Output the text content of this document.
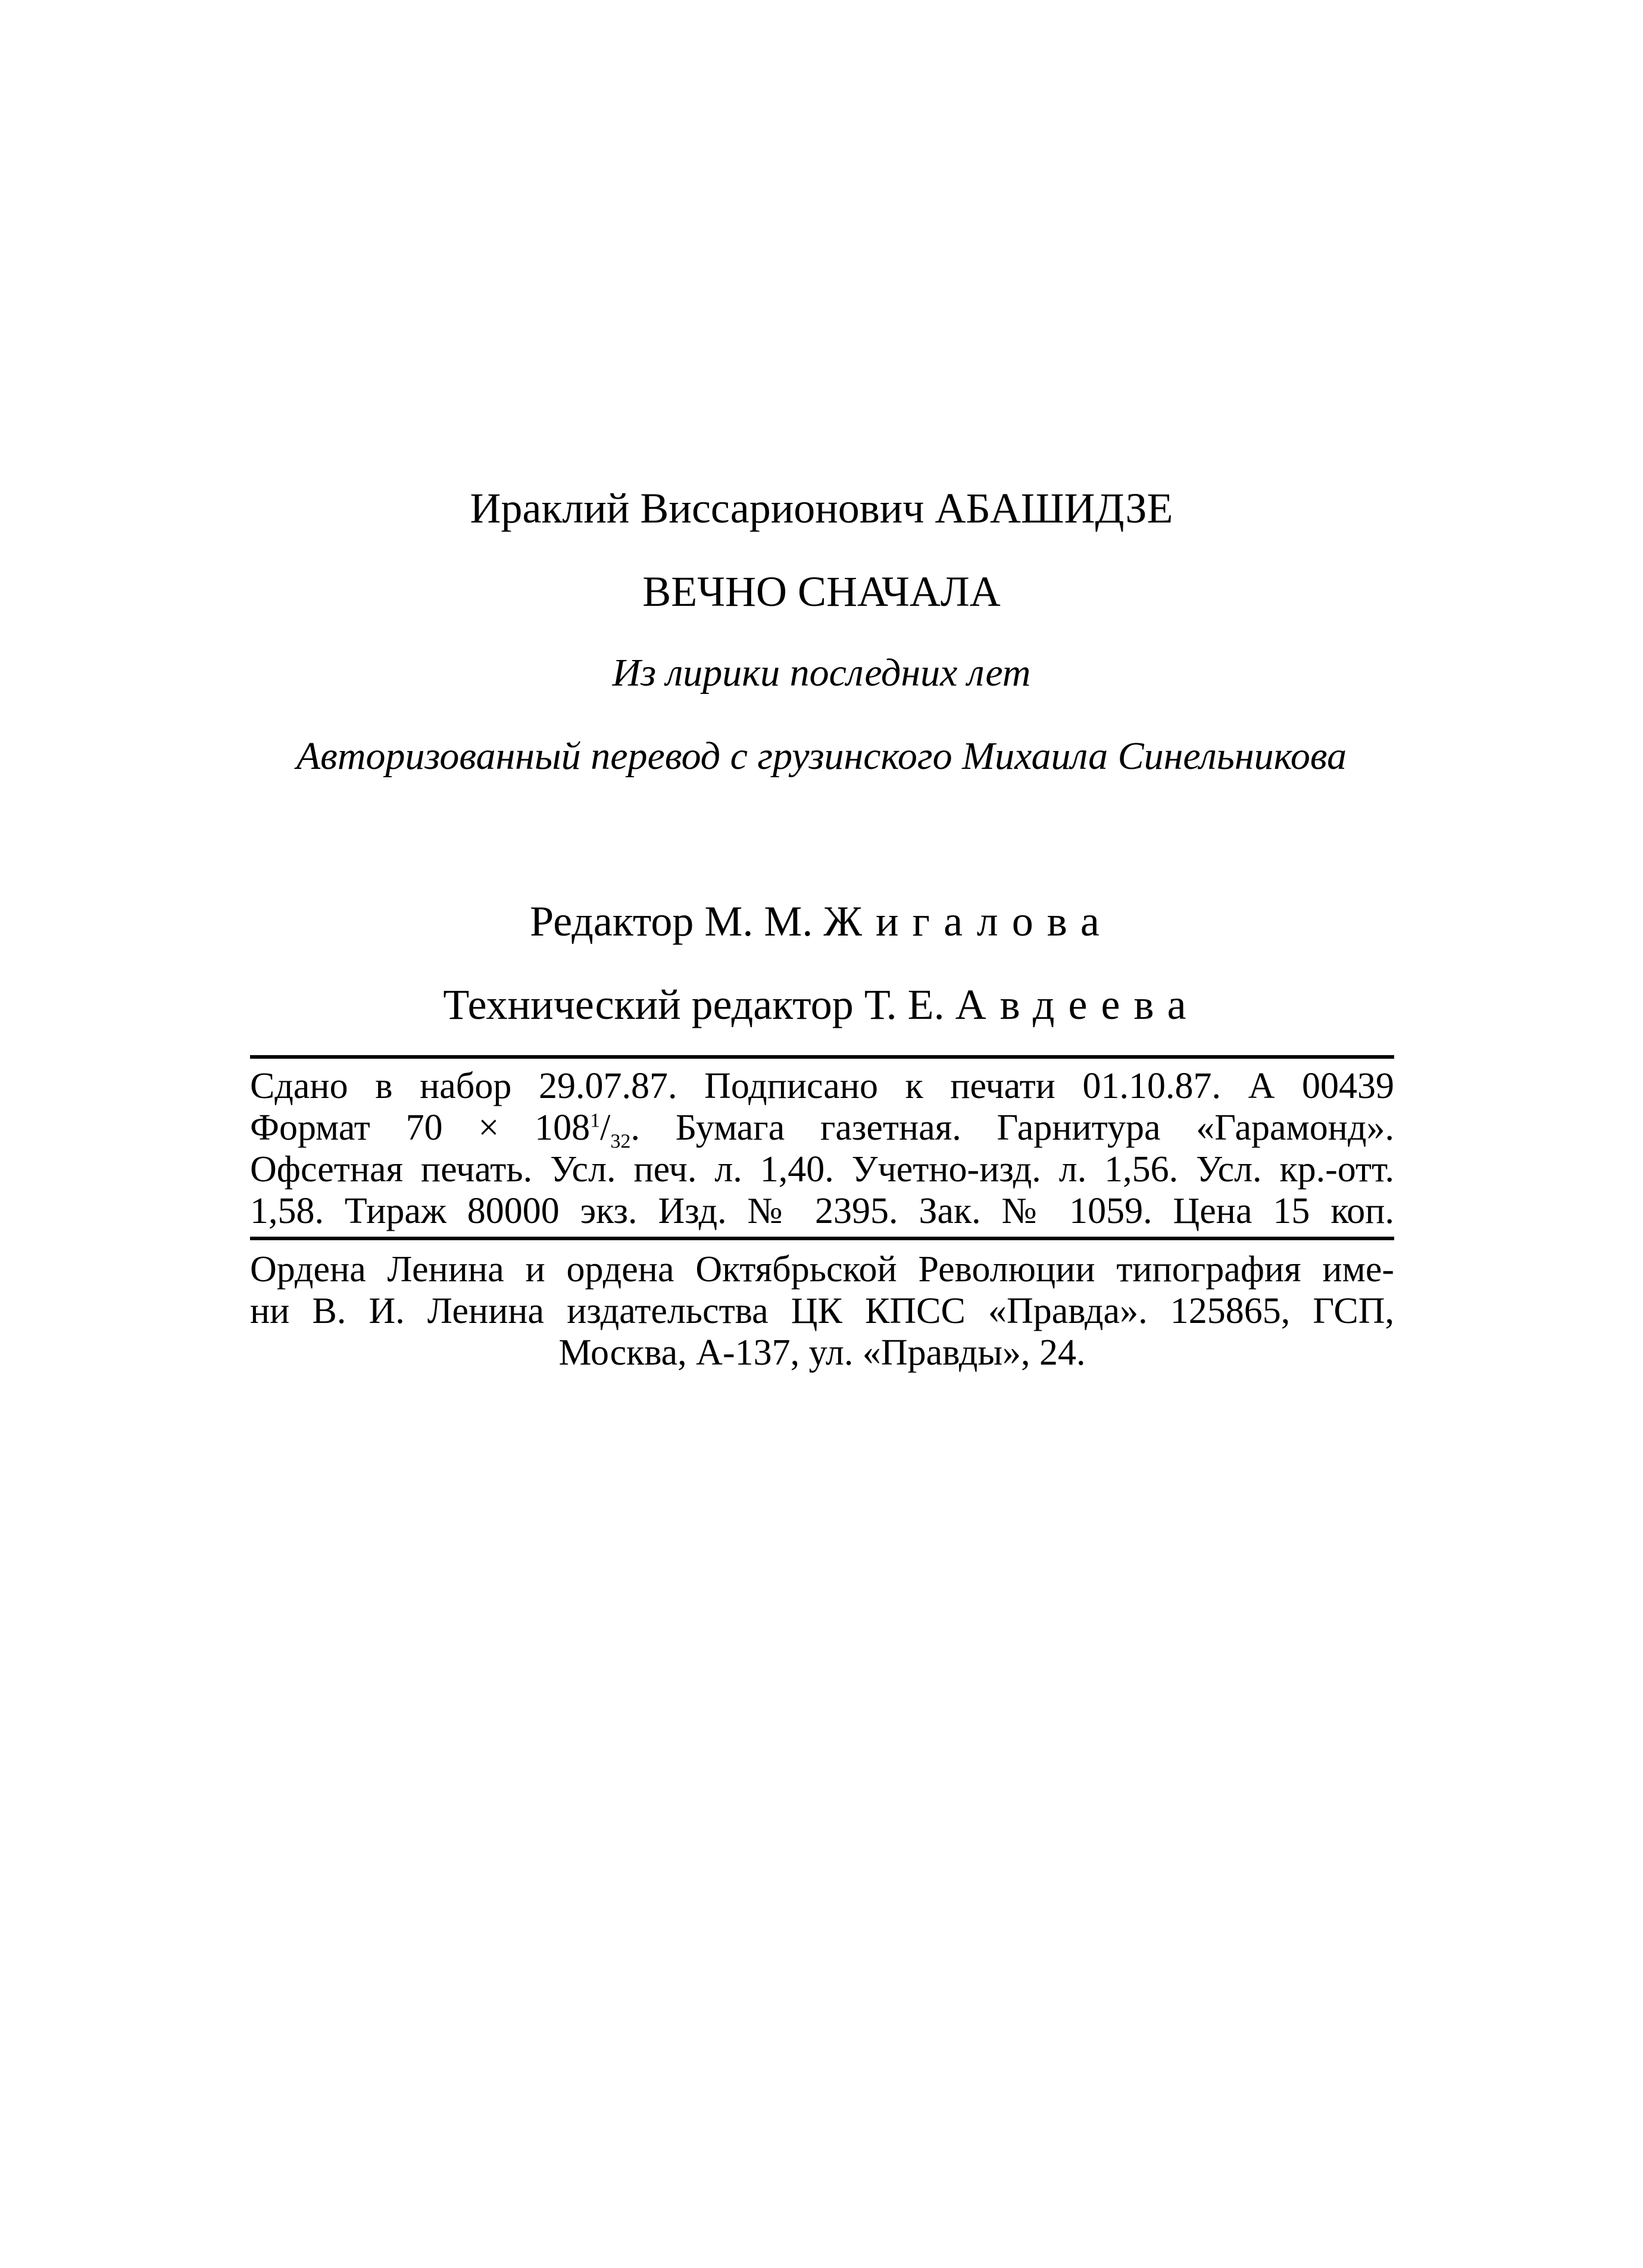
Ираклий Виссарионович АБАШИДЗЕ
ВЕЧНО СНАЧАЛА
Из лирики последних лет
Авторизованный перевод с грузинского Михаила Синельникова
Редактор М. М. Жигалова
Технический редактор Т. Е. Авдеева
Сдано в набор 29.07.87. Подписано к печати 01.10.87. А 00439
Формат $70 \times 108^1/_{32}$. Бумага газетная. Гарнитура «Гарамонд».
Офсетная печать. Усл. печ. л. 1,40. Учетно-изд. л. 1,56. Усл. кр.-отт.
1,58. Тираж 80000 экз. Изд. № 2395. Зак. № 1059. Цена 15 коп.
Ордена Ленина и ордена Октябрьской Революции типография име-
ни В. И. Ленина издательства ЦК КПСС «Правда». 125865, ГСП,
Москва, А-137, ул. «Правды», 24.
